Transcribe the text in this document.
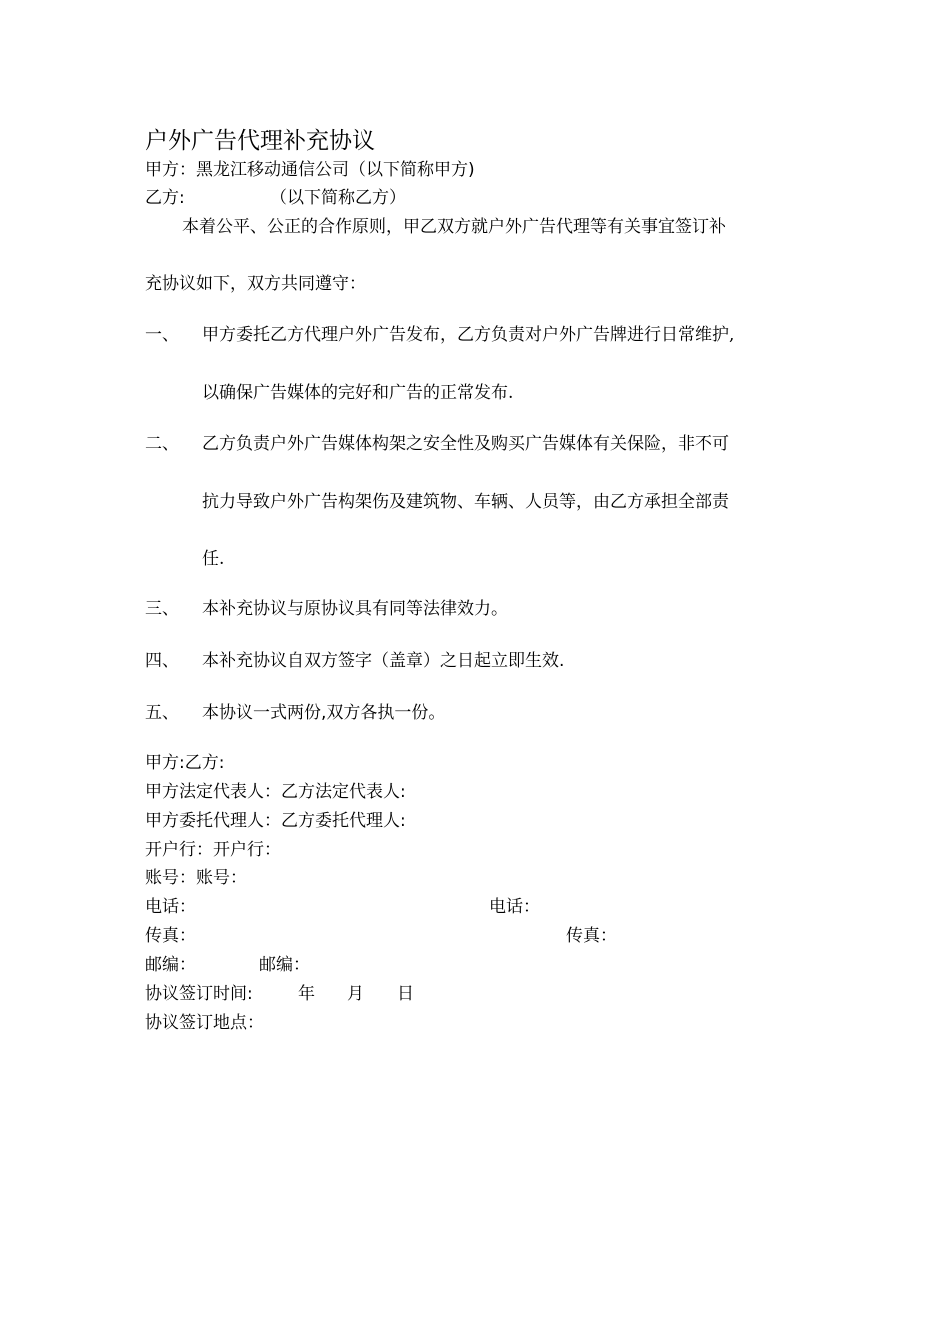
户外广告代理补充协议
甲方：黑龙江移动通信公司（以下简称甲方)
乙方:	（以下简称乙方）
本着公平、公正的合作原则，甲乙双方就户外广告代理等有关事宜签订补
充协议如下，双方共同遵守：
一、 甲方委托乙方代理户外广告发布，乙方负责对户外广告牌进行日常维护,
以确保广告媒体的完好和广告的正常发布.
二、 乙方负责户外广告媒体构架之安全性及购买广告媒体有关保险，非不可
抗力导致户外广告构架伤及建筑物、车辆、人员等，由乙方承担全部责
任.
三、 本补充协议与原协议具有同等法律效力。
四、 本补充协议自双方签字（盖章）之日起立即生效.
五、 本协议一式两份,双方各执一份。
甲方:乙方:
甲方法定代表人：乙方法定代表人:
甲方委托代理人：乙方委托代理人:
开户行：开户行：
账号：账号：
电话：	电话：
传真：	传真：
邮编：	邮编：
协议签订时间:	年 月 日
协议签订地点：
